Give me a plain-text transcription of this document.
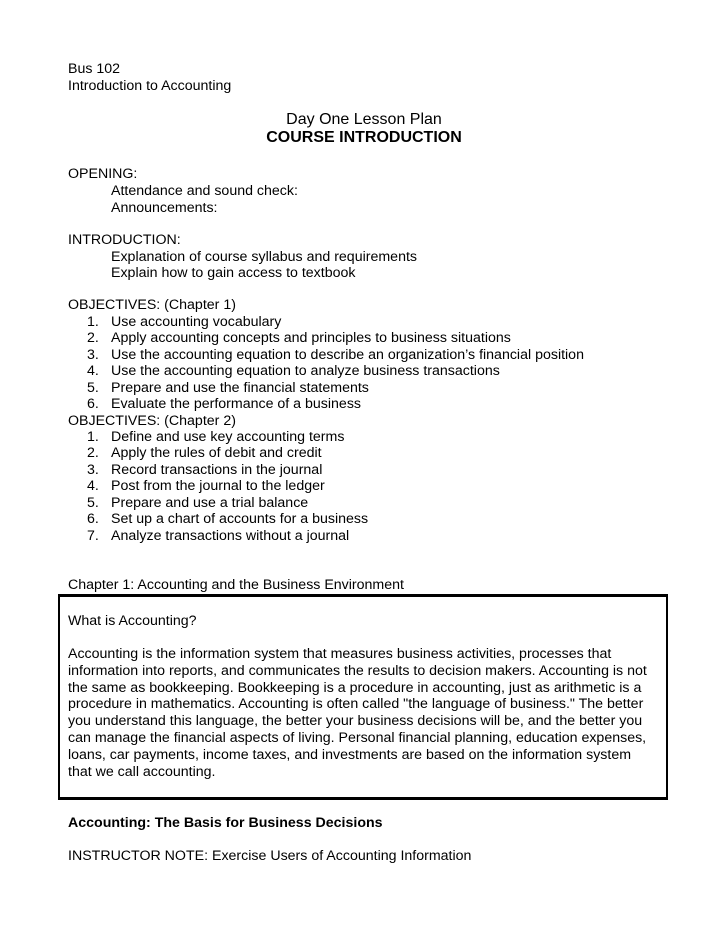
Bus 102
Introduction to Accounting
Day One Lesson Plan
COURSE INTRODUCTION
OPENING:
Attendance and sound check:
Announcements:
INTRODUCTION:
Explanation of course syllabus and requirements
Explain how to gain access to textbook
OBJECTIVES: (Chapter 1)
1. Use accounting vocabulary
2. Apply accounting concepts and principles to business situations
3. Use the accounting equation to describe an organization’s financial position
4. Use the accounting equation to analyze business transactions
5. Prepare and use the financial statements
6. Evaluate the performance of a business
OBJECTIVES: (Chapter 2)
1. Define and use key accounting terms
2. Apply the rules of debit and credit
3. Record transactions in the journal
4. Post from the journal to the ledger
5. Prepare and use a trial balance
6. Set up a chart of accounts for a business
7. Analyze transactions without a journal
Chapter 1: Accounting and the Business Environment
What is Accounting?
Accounting is the information system that measures business activities, processes that
information into reports, and communicates the results to decision makers. Accounting is not
the same as bookkeeping. Bookkeeping is a procedure in accounting, just as arithmetic is a
procedure in mathematics. Accounting is often called "the language of business." The better
you understand this language, the better your business decisions will be, and the better you
can manage the financial aspects of living. Personal financial planning, education expenses,
loans, car payments, income taxes, and investments are based on the information system
that we call accounting.
Accounting: The Basis for Business Decisions
INSTRUCTOR NOTE: Exercise Users of Accounting Information
